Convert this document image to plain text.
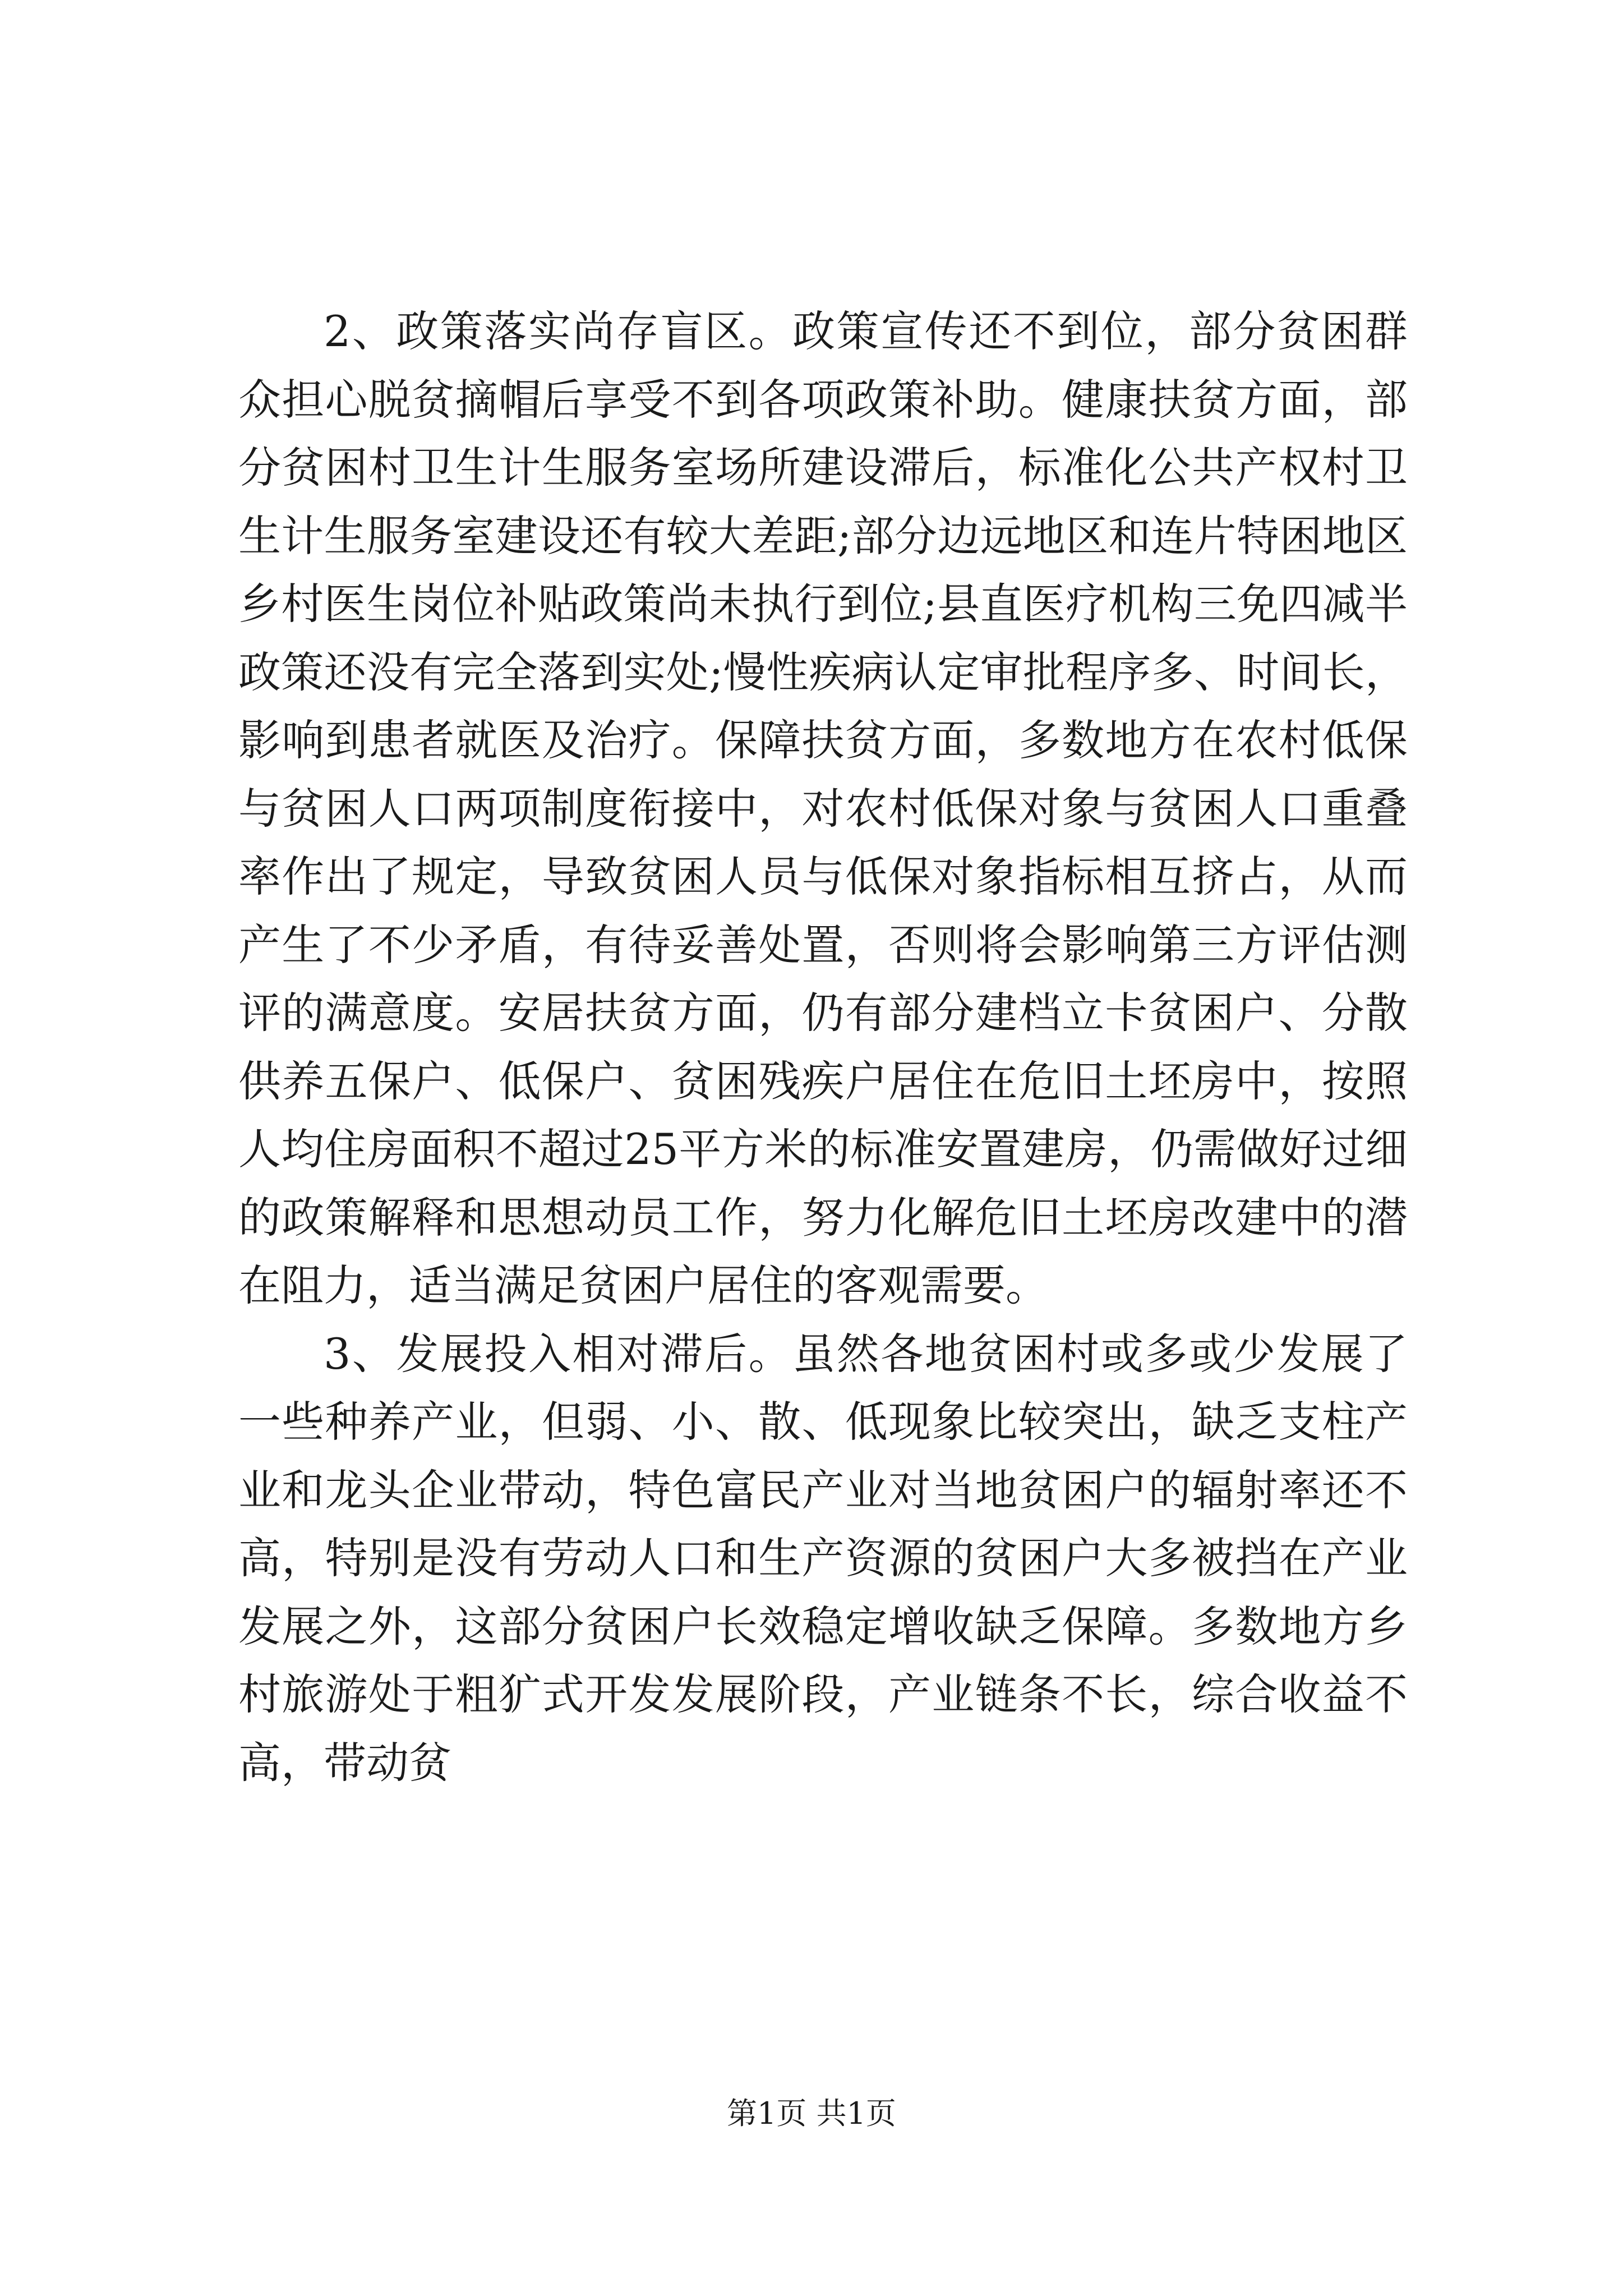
2、政策落实尚存盲区。政策宣传还不到位，部分贫困群众担心脱贫摘帽后享受不到各项政策补助。健康扶贫方面，部分贫困村卫生计生服务室场所建设滞后，标准化公共产权村卫生计生服务室建设还有较大差距;部分边远地区和连片特困地区乡村医生岗位补贴政策尚未执行到位;县直医疗机构三免四减半政策还没有完全落到实处;慢性疾病认定审批程序多、时间长，影响到患者就医及治疗。保障扶贫方面，多数地方在农村低保与贫困人口两项制度衔接中，对农村低保对象与贫困人口重叠率作出了规定，导致贫困人员与低保对象指标相互挤占，从而产生了不少矛盾，有待妥善处置，否则将会影响第三方评估测评的满意度。安居扶贫方面，仍有部分建档立卡贫困户、分散供养五保户、低保户、贫困残疾户居住在危旧土坯房中，按照人均住房面积不超过25平方米的标准安置建房，仍需做好过细的政策解释和思想动员工作，努力化解危旧土坯房改建中的潜在阻力，适当满足贫困户居住的客观需要。

3、发展投入相对滞后。虽然各地贫困村或多或少发展了一些种养产业，但弱、小、散、低现象比较突出，缺乏支柱产业和龙头企业带动，特色富民产业对当地贫困户的辐射率还不高，特别是没有劳动人口和生产资源的贫困户大多被挡在产业发展之外，这部分贫困户长效稳定增收缺乏保障。多数地方乡村旅游处于粗犷式开发发展阶段，产业链条不长，综合收益不高，带动贫

第1页 共1页
